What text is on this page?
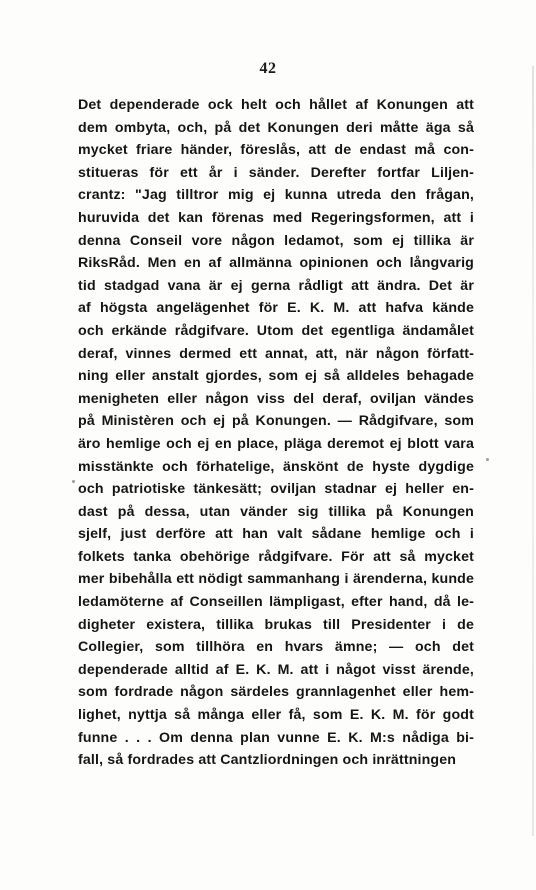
42
Det dependerade ock helt och hållet af Konungen att
dem ombyta, och, på det Konungen deri måtte äga så
mycket friare händer, föreslås, att de endast må con-
stitueras för ett år i sänder. Derefter fortfar Liljen-
crantz: "Jag tilltror mig ej kunna utreda den frågan,
huruvida det kan förenas med Regeringsformen, att i
denna Conseil vore någon ledamot, som ej tillika är
RiksRåd. Men en af allmänna opinionen och långvarig
tid stadgad vana är ej gerna rådligt att ändra. Det är
af högsta angelägenhet för E. K. M. att hafva kände
och erkände rådgifvare. Utom det egentliga ändamålet
deraf, vinnes dermed ett annat, att, när någon författ-
ning eller anstalt gjordes, som ej så alldeles behagade
menigheten eller någon viss del deraf, oviljan vändes
på Ministèren och ej på Konungen. — Rådgifvare, som
äro hemlige och ej en place, pläga deremot ej blott vara
misstänkte och förhatelige, änskönt de hyste dygdige
och patriotiske tänkesätt; oviljan stadnar ej heller en-
dast på dessa, utan vänder sig tillika på Konungen
sjelf, just derföre att han valt sådane hemlige och i
folkets tanka obehörige rådgifvare. För att så mycket
mer bibehålla ett nödigt sammanhang i ärenderna, kunde
ledamöterne af Conseillen lämpligast, efter hand, då le-
digheter existera, tillika brukas till Presidenter i de
Collegier, som tillhöra en hvars ämne; — och det
dependerade alltid af E. K. M. att i något visst ärende,
som fordrade någon särdeles grannlagenhet eller hem-
lighet, nyttja så många eller få, som E. K. M. för godt
funne . . . Om denna plan vunne E. K. M:s nådiga bi-
fall, så fordrades att Cantzliordningen och inrättningen
